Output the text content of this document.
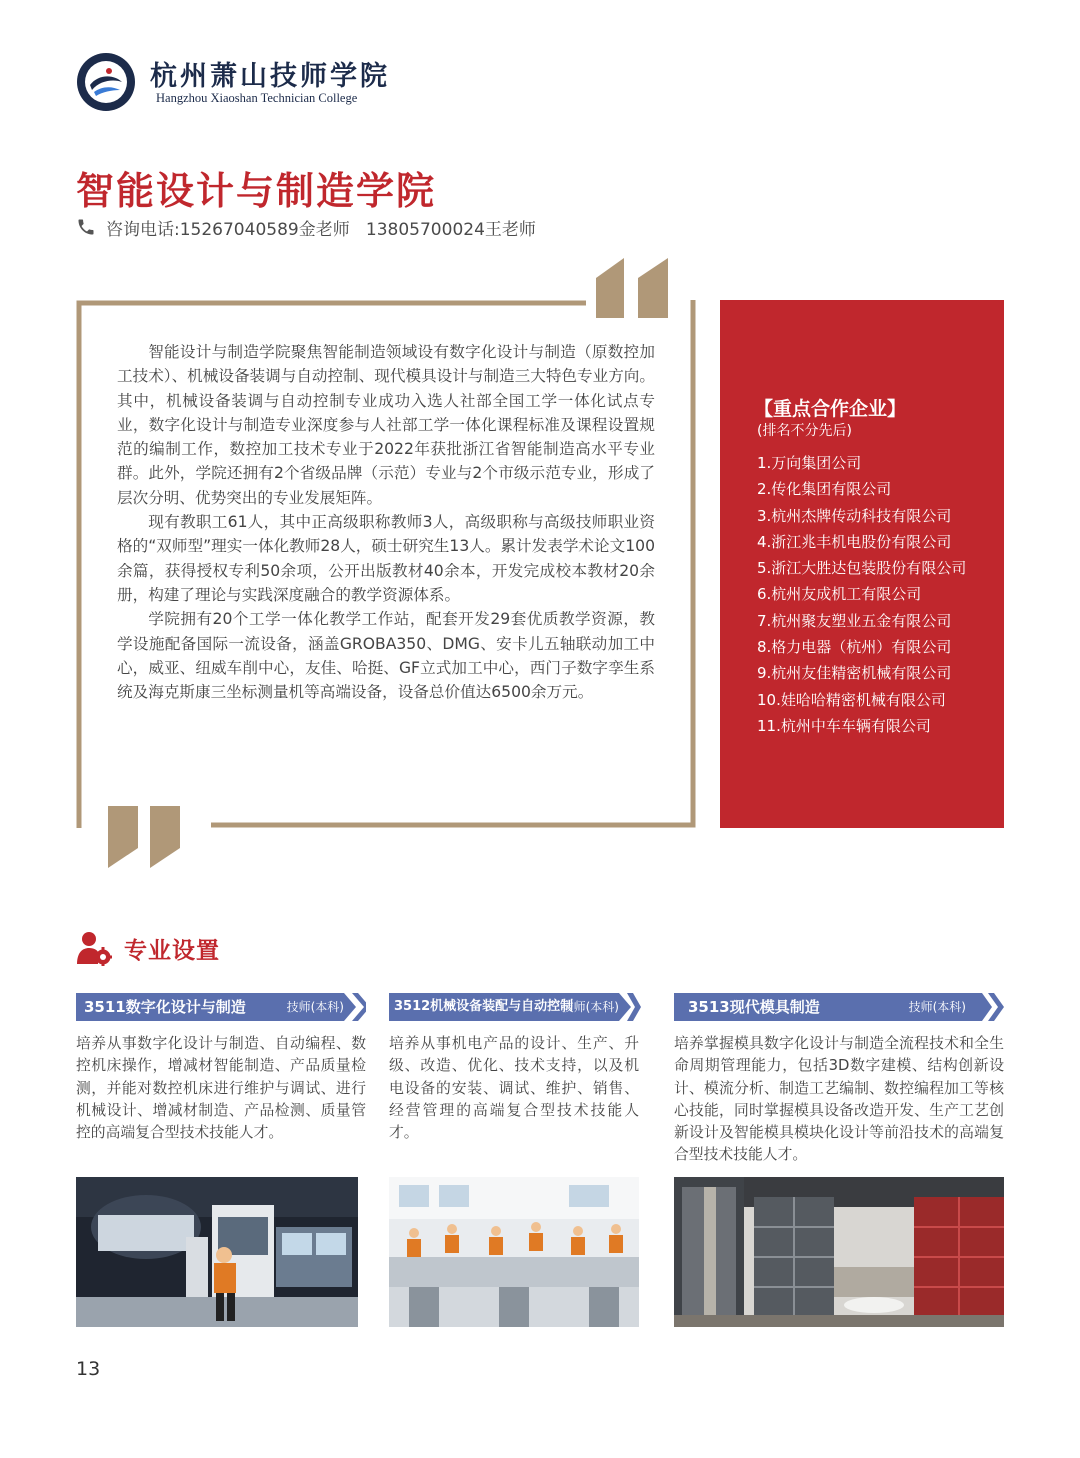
杭州萧山技师学院
Hangzhou Xiaoshan Technician College
智能设计与制造学院
咨询电话:15267040589金老师   13805700024王老师

智能设计与制造学院聚焦智能制造领域设有数字化设计与制造（原数控加工技术）、机械设备装调与自动控制、现代模具设计与制造三大特色专业方向。其中，机械设备装调与自动控制专业成功入选人社部全国工学一体化试点专业，数字化设计与制造专业深度参与人社部工学一体化课程标准及课程设置规范的编制工作，数控加工技术专业于2022年获批浙江省智能制造高水平专业群。此外，学院还拥有2个省级品牌（示范）专业与2个市级示范专业，形成了层次分明、优势突出的专业发展矩阵。

现有教职工61人，其中正高级职称教师3人，高级职称与高级技师职业资格的“双师型”理实一体化教师28人，硕士研究生13人。累计发表学术论文100余篇，获得授权专利50余项，公开出版教材40余本，开发完成校本教材20余册，构建了理论与实践深度融合的教学资源体系。

学院拥有20个工学一体化教学工作站，配套开发29套优质教学资源，教学设施配备国际一流设备，涵盖GROBA350、DMG、安卡儿五轴联动加工中心，威亚、纽威车削中心，友佳、哈挺、GF立式加工中心，西门子数字孪生系统及海克斯康三坐标测量机等高端设备，设备总价值达6500余万元。

【重点合作企业】
(排名不分先后)
1.万向集团公司
2.传化集团有限公司
3.杭州杰牌传动科技有限公司
4.浙江兆丰机电股份有限公司
5.浙江大胜达包装股份有限公司
6.杭州友成机工有限公司
7.杭州聚友塑业五金有限公司
8.格力电器（杭州）有限公司
9.杭州友佳精密机械有限公司
10.娃哈哈精密机械有限公司
11.杭州中车车辆有限公司
专业设置
3511数字化设计与制造	技师(本科)
培养从事数字化设计与制造、自动编程、数控机床操作，增减材智能制造、产品质量检测，并能对数控机床进行维护与调试、进行机械设计、增减材制造、产品检测、质量管控的高端复合型技术技能人才。
3512机械设备装配与自动控制
技师(本科)
培养从事机电产品的设计、生产、升级、改造、优化、技术支持，以及机电设备的安装、调试、维护、销售、经营管理的高端复合型技术技能人才。
3513现代模具制造	技师(本科)
培养掌握模具数字化设计与制造全流程技术和全生命周期管理能力，包括3D数字建模、结构创新设计、模流分析、制造工艺编制、数控编程加工等核心技能，同时掌握模具设备改造开发、生产工艺创新设计及智能模具模块化设计等前沿技术的高端复合型技术技能人才。
13
